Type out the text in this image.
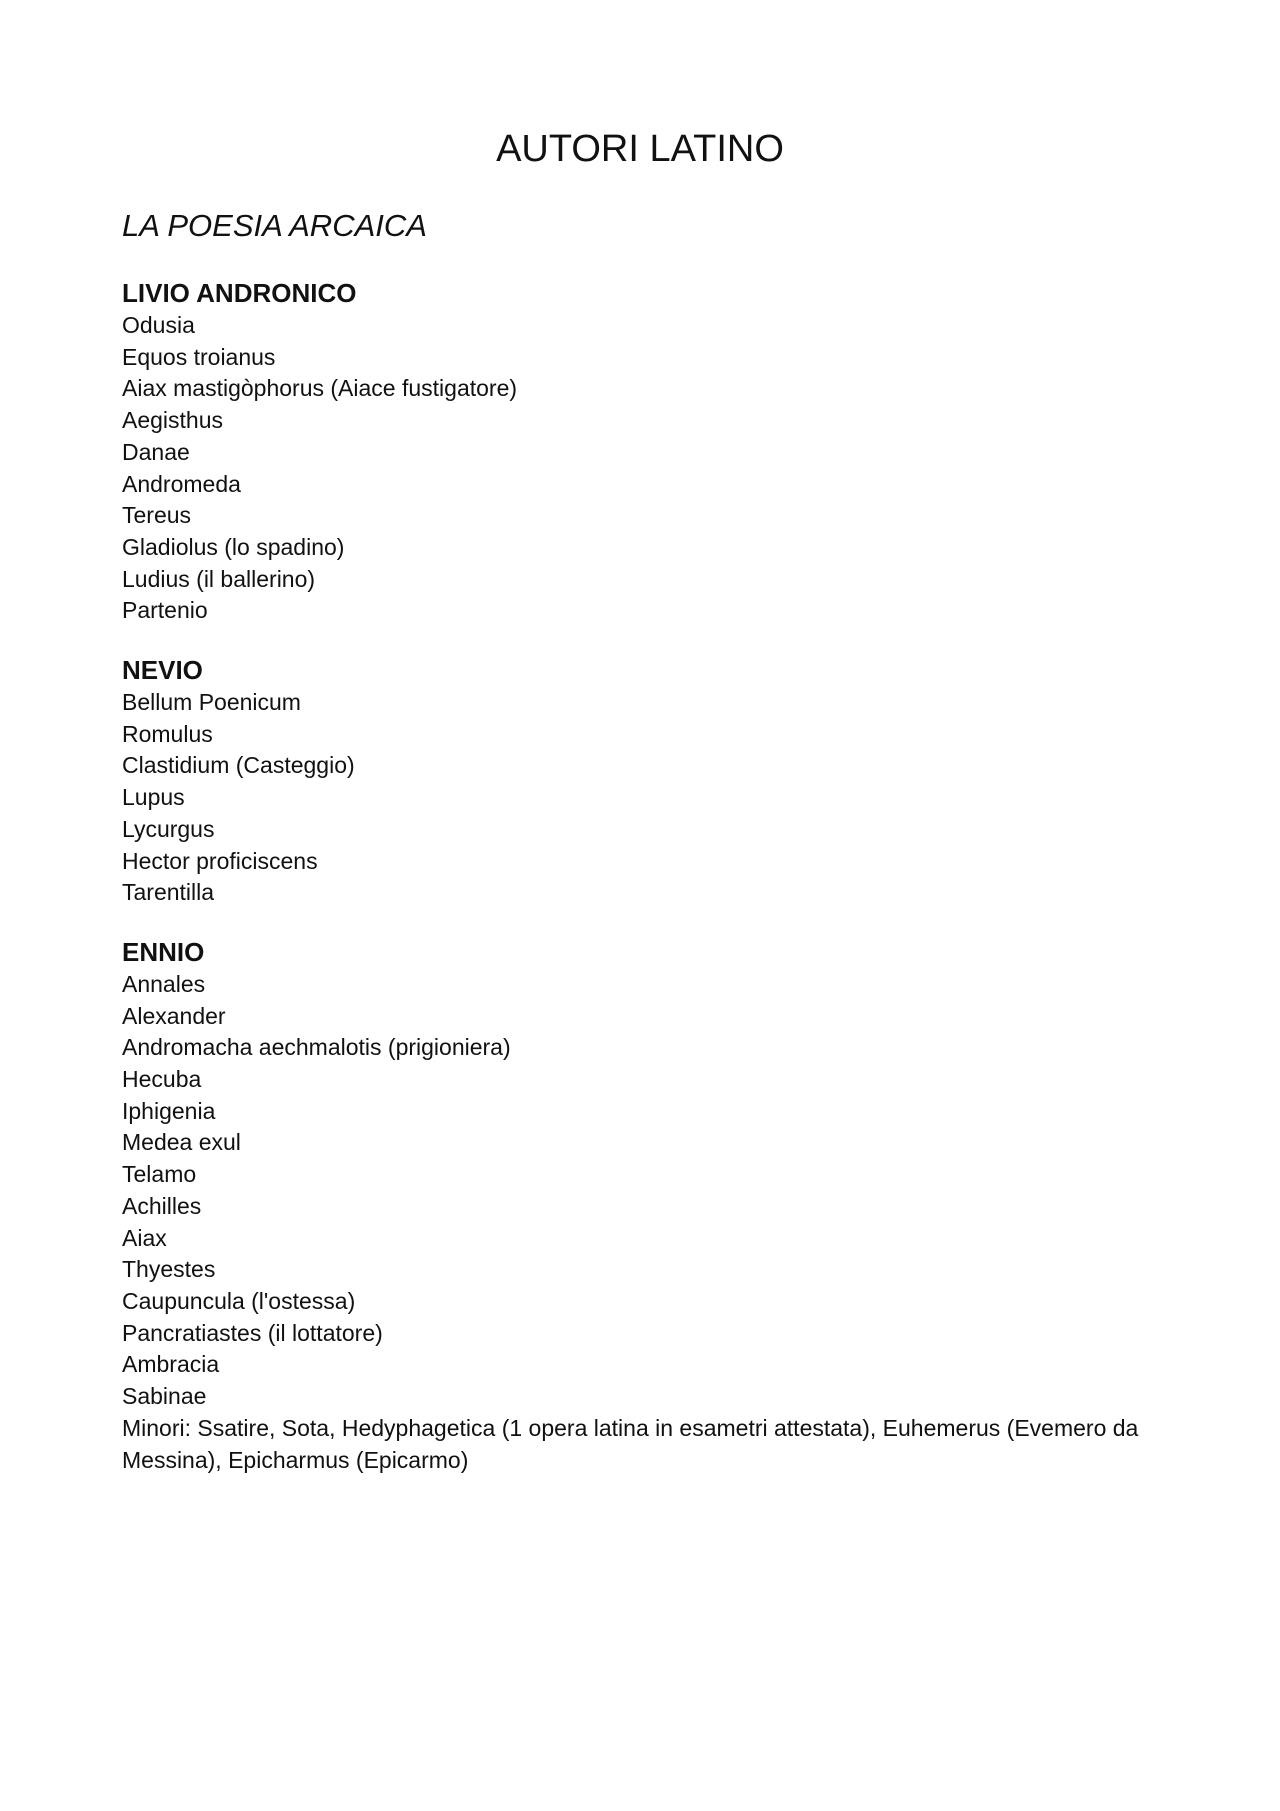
AUTORI LATINO
LA POESIA ARCAICA
LIVIO ANDRONICO
Odusia
Equos troianus
Aiax mastigòphorus (Aiace fustigatore)
Aegisthus
Danae
Andromeda
Tereus
Gladiolus (lo spadino)
Ludius (il ballerino)
Partenio
NEVIO
Bellum Poenicum
Romulus
Clastidium (Casteggio)
Lupus
Lycurgus
Hector proficiscens
Tarentilla
ENNIO
Annales
Alexander
Andromacha aechmalotis (prigioniera)
Hecuba
Iphigenia
Medea exul
Telamo
Achilles
Aiax
Thyestes
Caupuncula (l'ostessa)
Pancratiastes (il lottatore)
Ambracia
Sabinae
Minori: Ssatire, Sota, Hedyphagetica (1 opera latina in esametri attestata), Euhemerus (Evemero da Messina), Epicharmus (Epicarmo)
